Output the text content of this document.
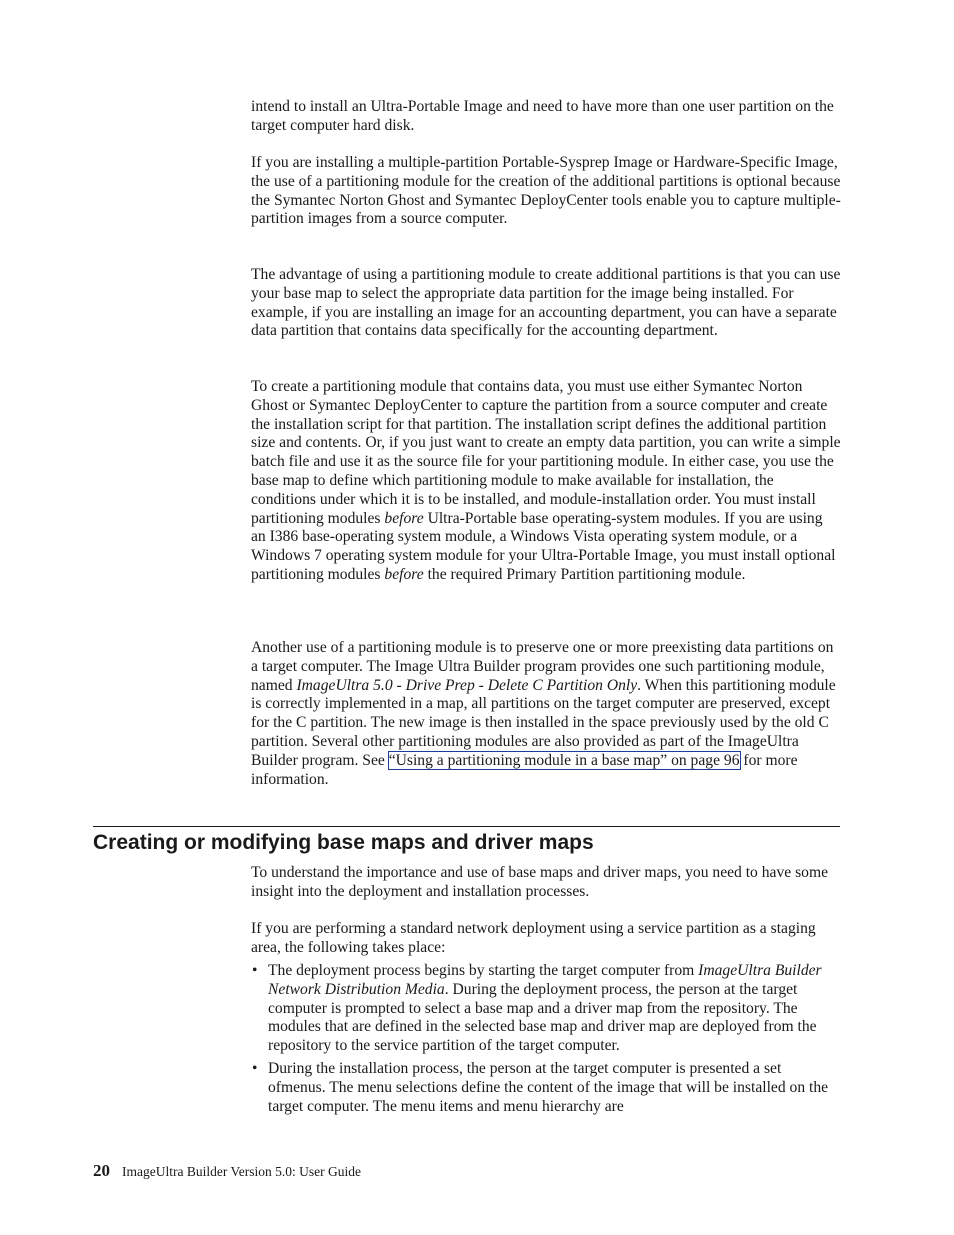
intend to install an Ultra-Portable Image and need to have more than one user partition on the target computer hard disk.

If you are installing a multiple-partition Portable-Sysprep Image or Hardware-Specific Image, the use of a partitioning module for the creation of the additional partitions is optional because the Symantec Norton Ghost and Symantec DeployCenter tools enable you to capture multiple-partition images from a source computer.

The advantage of using a partitioning module to create additional partitions is that you can use your base map to select the appropriate data partition for the image being installed. For example, if you are installing an image for an accounting department, you can have a separate data partition that contains data specifically for the accounting department.

To create a partitioning module that contains data, you must use either Symantec Norton Ghost or Symantec DeployCenter to capture the partition from a source computer and create the installation script for that partition. The installation script defines the additional partition size and contents. Or, if you just want to create an empty data partition, you can write a simple batch file and use it as the source file for your partitioning module. In either case, you use the base map to define which partitioning module to make available for installation, the conditions under which it is to be installed, and module-installation order. You must install partitioning modules before Ultra-Portable base operating-system modules. If you are using an I386 base-operating system module, a Windows Vista operating system module, or a Windows 7 operating system module for your Ultra-Portable Image, you must install optional partitioning modules before the required Primary Partition partitioning module.

Another use of a partitioning module is to preserve one or more preexisting data partitions on a target computer. The Image Ultra Builder program provides one such partitioning module, named ImageUltra 5.0 - Drive Prep - Delete C Partition Only. When this partitioning module is correctly implemented in a map, all partitions on the target computer are preserved, except for the C partition. The new image is then installed in the space previously used by the old C partition. Several other partitioning modules are also provided as part of the ImageUltra Builder program. See “Using a partitioning module in a base map” on page 96 for more information.

Creating or modifying base maps and driver maps

To understand the importance and use of base maps and driver maps, you need to have some insight into the deployment and installation processes.

If you are performing a standard network deployment using a service partition as a staging area, the following takes place:

• The deployment process begins by starting the target computer from ImageUltra Builder Network Distribution Media. During the deployment process, the person at the target computer is prompted to select a base map and a driver map from the repository. The modules that are defined in the selected base map and driver map are deployed from the repository to the service partition of the target computer.
• During the installation process, the person at the target computer is presented a set ofmenus. The menu selections define the content of the image that will be installed on the target computer. The menu items and menu hierarchy are
20 ImageUltra Builder Version 5.0: User Guide
